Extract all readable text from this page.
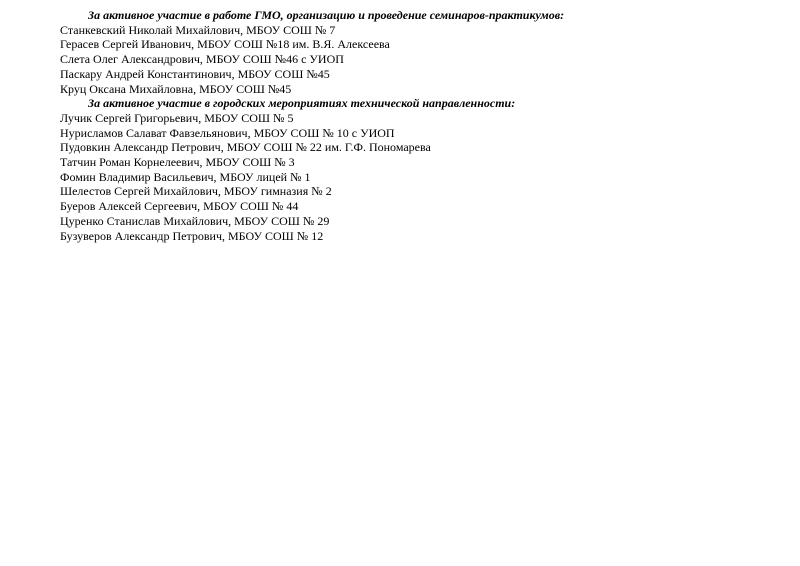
За активное участие в работе ГМО, организацию и проведение семинаров-практикумов:

Станкевский Николай Михайлович, МБОУ СОШ № 7

Герасев Сергей Иванович, МБОУ СОШ №18 им. В.Я. Алексеева

Слета Олег Александрович, МБОУ СОШ №46 с УИОП

Паскару Андрей Константинович, МБОУ СОШ №45

Круц Оксана Михайловна, МБОУ СОШ №45

За активное участие в городских мероприятиях технической направленности:

Лучик Сергей Григорьевич, МБОУ СОШ № 5

Нурисламов Салават Фавзельянович, МБОУ СОШ № 10 с УИОП

Пудовкин Александр Петрович, МБОУ СОШ № 22 им. Г.Ф. Пономарева

Татчин Роман Корнелеевич, МБОУ СОШ № 3

Фомин Владимир Васильевич, МБОУ лицей № 1

Шелестов Сергей Михайлович, МБОУ гимназия № 2

Буеров Алексей Сергеевич, МБОУ СОШ № 44

Цуренко Станислав Михайлович, МБОУ СОШ № 29

Бузуверов Александр Петрович, МБОУ СОШ № 12
